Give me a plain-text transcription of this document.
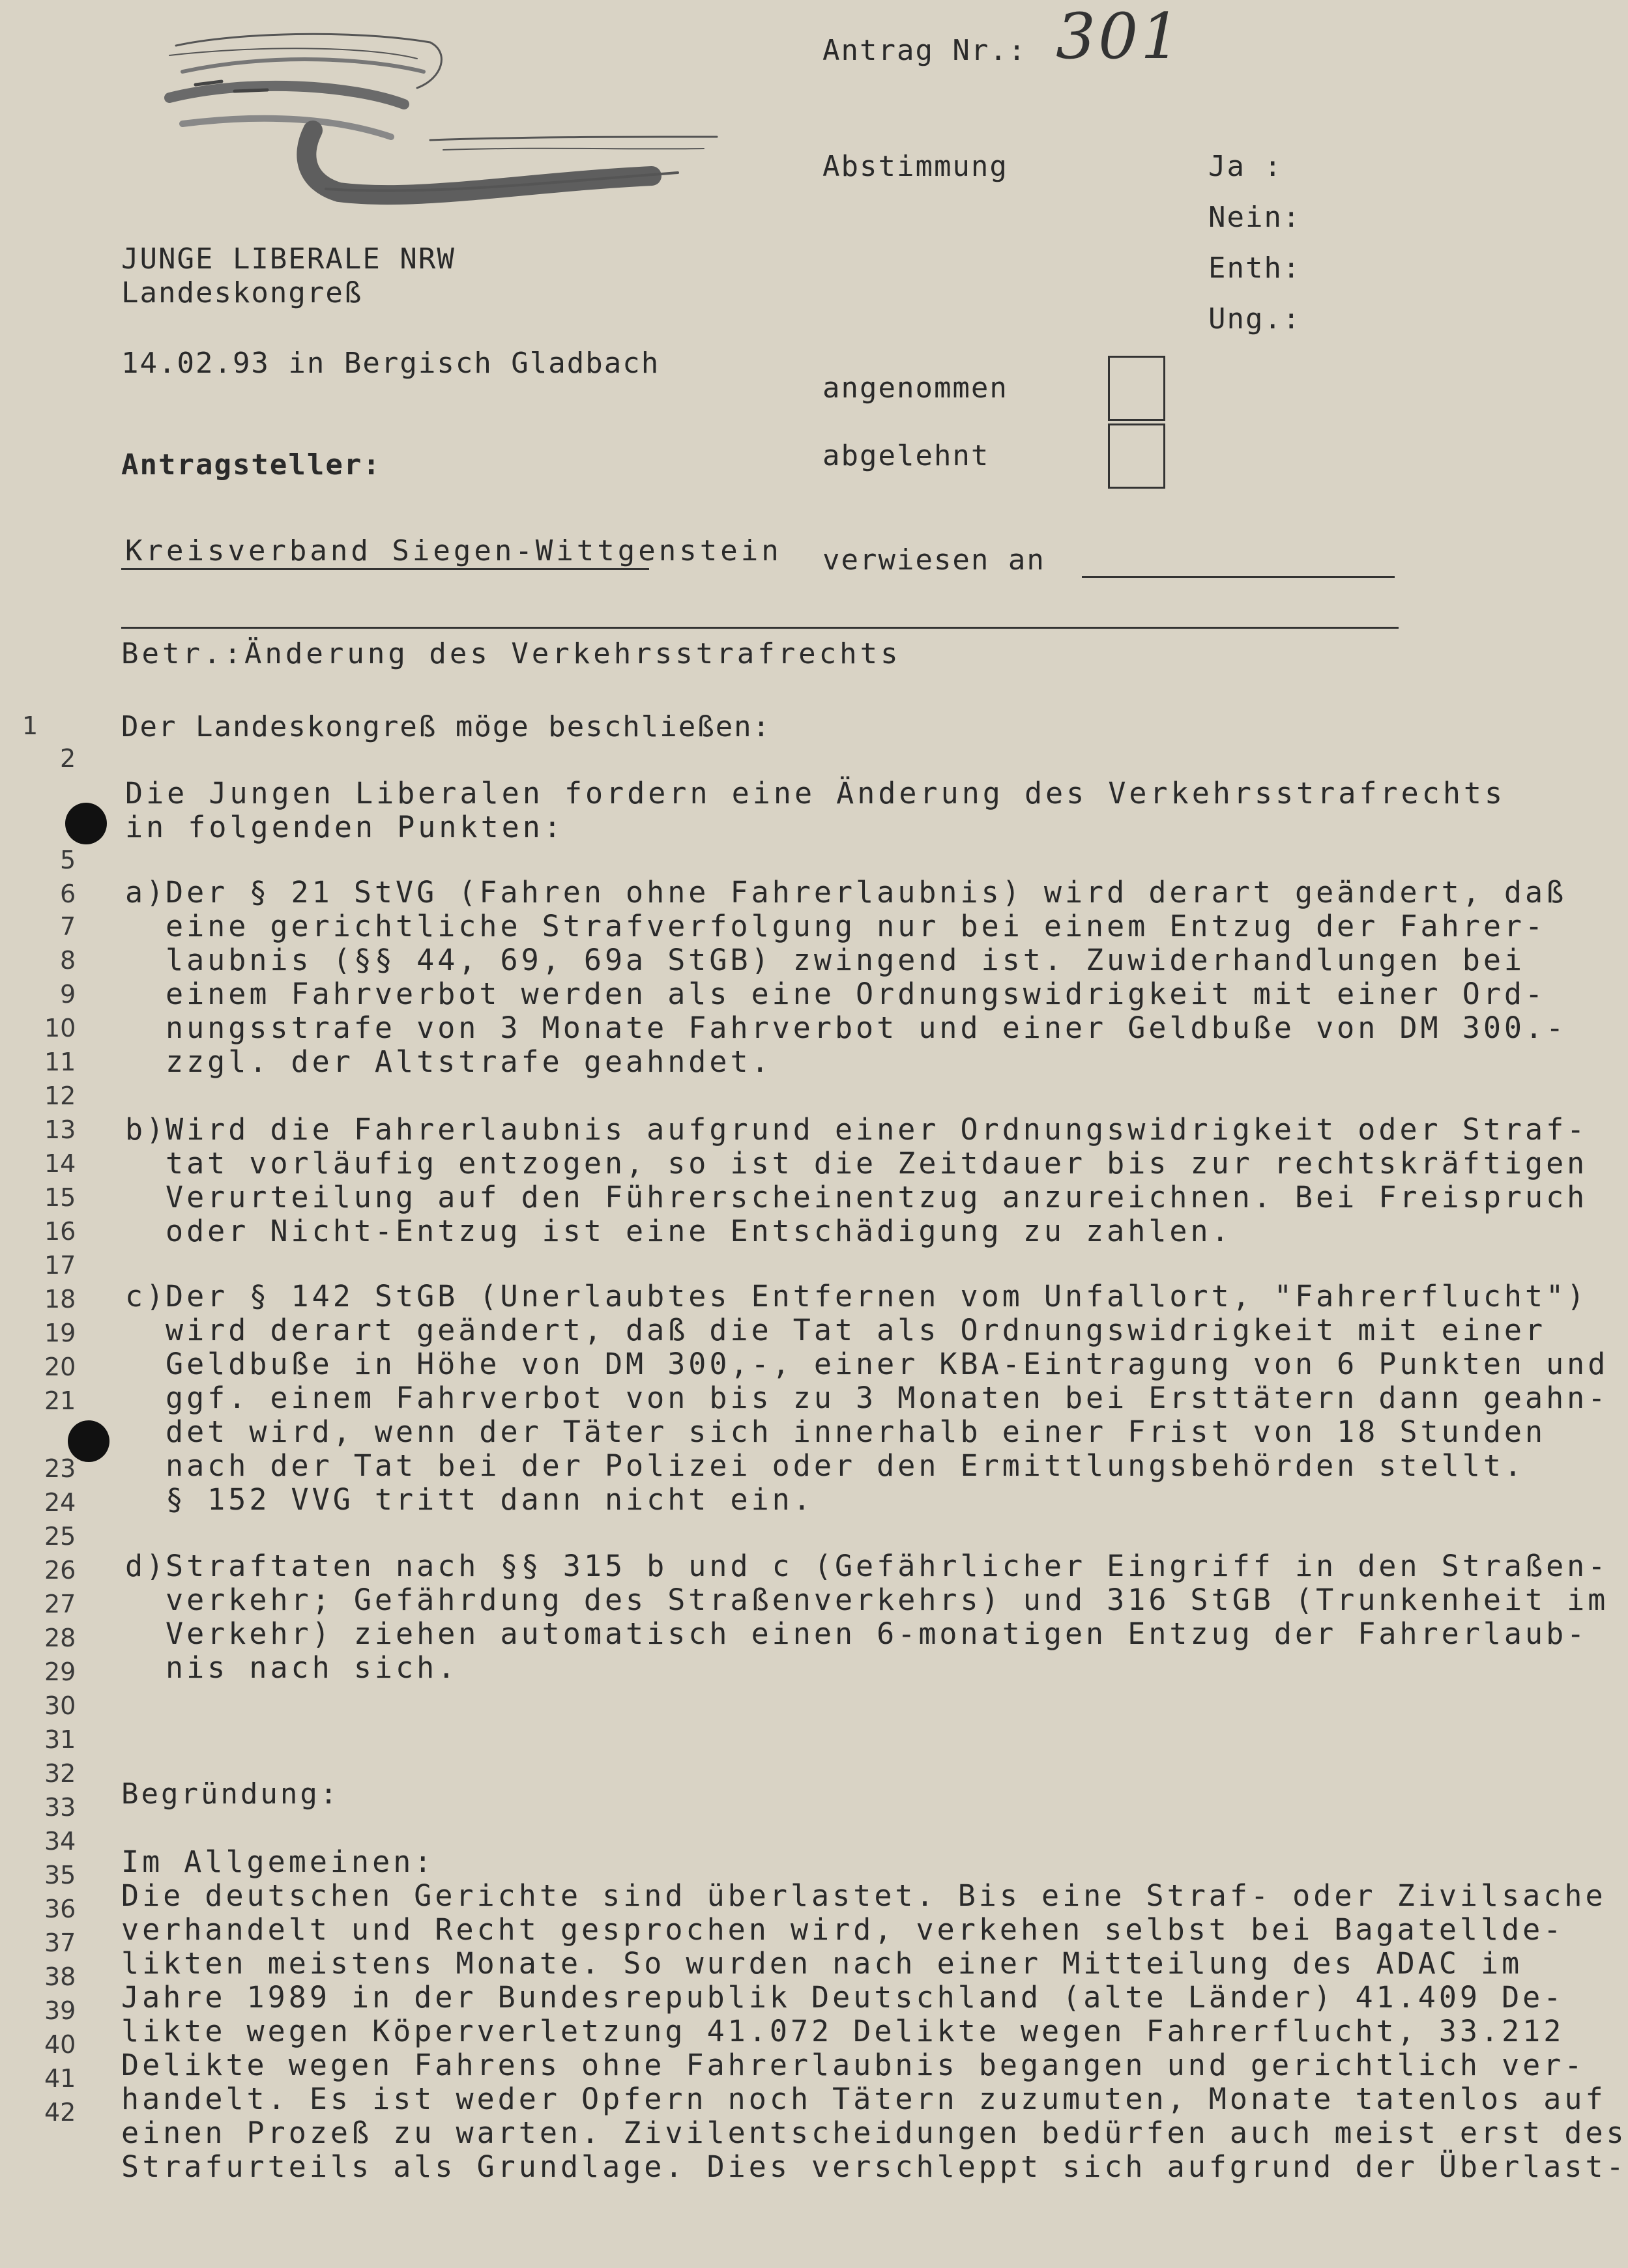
JUNGE LIBERALE NRW
Landeskongreß
14.02.93 in Bergisch Gladbach
Antragsteller:
Kreisverband Siegen-Wittgenstein
Betr.:Änderung des Verkehrsstrafrechts
Antrag Nr.: 301
Abstimmung	Ja :
Nein:
Enth:
Ung.:
angenommen
abgelehnt
verwiesen an
1
2
5
6
7
8
9
10
11
12
13
14
15
16
17
18
19
20
21
23
24
25
26
27
28
29
30
31
32
33
34
35
36
37
38
39
40
41
42
Der Landeskongreß möge beschließen:
Die Jungen Liberalen fordern eine Änderung des Verkehrsstrafrechts
in folgenden Punkten:
a)
Der § 21 StVG (Fahren ohne Fahrerlaubnis) wird derart geändert, daß
eine gerichtliche Strafverfolgung nur bei einem Entzug der Fahrer-
laubnis (§§ 44, 69, 69a StGB) zwingend ist. Zuwiderhandlungen bei
einem Fahrverbot werden als eine Ordnungswidrigkeit mit einer Ord-
nungsstrafe von 3 Monate Fahrverbot und einer Geldbuße von DM 300.-
zzgl. der Altstrafe geahndet.
b)
Wird die Fahrerlaubnis aufgrund einer Ordnungswidrigkeit oder Straf-
tat vorläufig entzogen, so ist die Zeitdauer bis zur rechtskräftigen
Verurteilung auf den Führerscheinentzug anzureichnen. Bei Freispruch
oder Nicht-Entzug ist eine Entschädigung zu zahlen.
c)
Der § 142 StGB (Unerlaubtes Entfernen vom Unfallort, "Fahrerflucht")
wird derart geändert, daß die Tat als Ordnungswidrigkeit mit einer
Geldbuße in Höhe von DM 300,-, einer KBA-Eintragung von 6 Punkten und
ggf. einem Fahrverbot von bis zu 3 Monaten bei Ersttätern dann geahn-
det wird, wenn der Täter sich innerhalb einer Frist von 18 Stunden
nach der Tat bei der Polizei oder den Ermittlungsbehörden stellt.
§ 152 VVG tritt dann nicht ein.
d)
Straftaten nach §§ 315 b und c (Gefährlicher Eingriff in den Straßen-
verkehr; Gefährdung des Straßenverkehrs) und 316 StGB (Trunkenheit im
Verkehr) ziehen automatisch einen 6-monatigen Entzug der Fahrerlaub-
nis nach sich.
Begründung:
Im Allgemeinen:
Die deutschen Gerichte sind überlastet. Bis eine Straf- oder Zivilsache
verhandelt und Recht gesprochen wird, verkehen selbst bei Bagatellde-
likten meistens Monate. So wurden nach einer Mitteilung des ADAC im
Jahre 1989 in der Bundesrepublik Deutschland (alte Länder) 41.409 De-
likte wegen Köperverletzung 41.072 Delikte wegen Fahrerflucht, 33.212
Delikte wegen Fahrens ohne Fahrerlaubnis begangen und gerichtlich ver-
handelt. Es ist weder Opfern noch Tätern zuzumuten, Monate tatenlos auf
einen Prozeß zu warten. Zivilentscheidungen bedürfen auch meist erst des
Strafurteils als Grundlage. Dies verschleppt sich aufgrund der Überlast-
